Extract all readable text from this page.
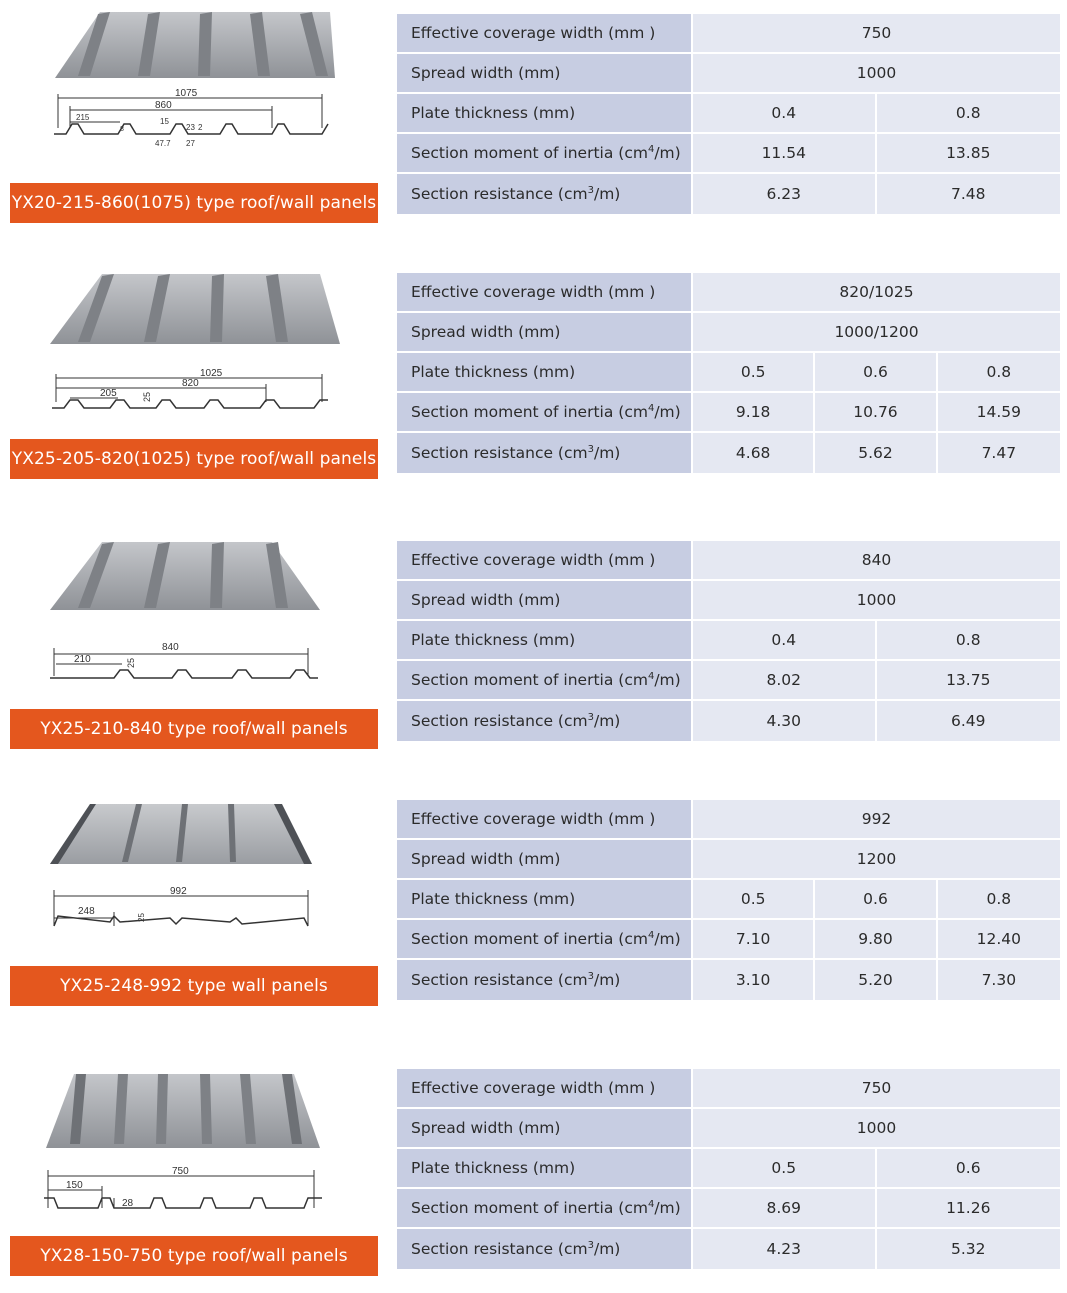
1075
860
215	15
23 2
8
47.7 27
YX20-215-860(1075) type roof/wall panels
Effective coverage width (mm )	750	
Spread width (mm)	1000	
Plate thickness (mm)	0.4	0.8
Section moment of inertia $(cm^4/m)$	11.54	13.85
Section resistance $(cm^3/m)$	6.23	7.48
1025
820
205	25
YX25-205-820(1025) type roof/wall panels
Effective coverage width (mm )	820/1025		
Spread width (mm)	1000/1200		
Plate thickness (mm)	0.5	0.6	0.8
Section moment of inertia $(cm^4/m)$	9.18	10.76	14.59
Section resistance $(cm^3/m)$	4.68	5.62	7.47
840
210	25
YX25-210-840 type roof/wall panels
Effective coverage width (mm )	840	
Spread width (mm)	1000	
Plate thickness (mm)	0.4	0.8
Section moment of inertia $(cm^4/m)$	8.02	13.75
Section resistance $(cm^3/m)$	4.30	6.49
992
248
25
YX25-248-992 type wall panels
Effective coverage width (mm )	992		
Spread width (mm)	1200		
Plate thickness (mm)	0.5	0.6	0.8
Section moment of inertia $(cm^4/m)$	7.10	9.80	12.40
Section resistance $(cm^3/m)$	3.10	5.20	7.30
750
150
28
YX28-150-750 type roof/wall panels
Effective coverage width (mm )	750	
Spread width (mm)	1000	
Plate thickness (mm)	0.5	0.6
Section moment of inertia $(cm^4/m)$	8.69	11.26
Section resistance $(cm^3/m)$	4.23	5.32
